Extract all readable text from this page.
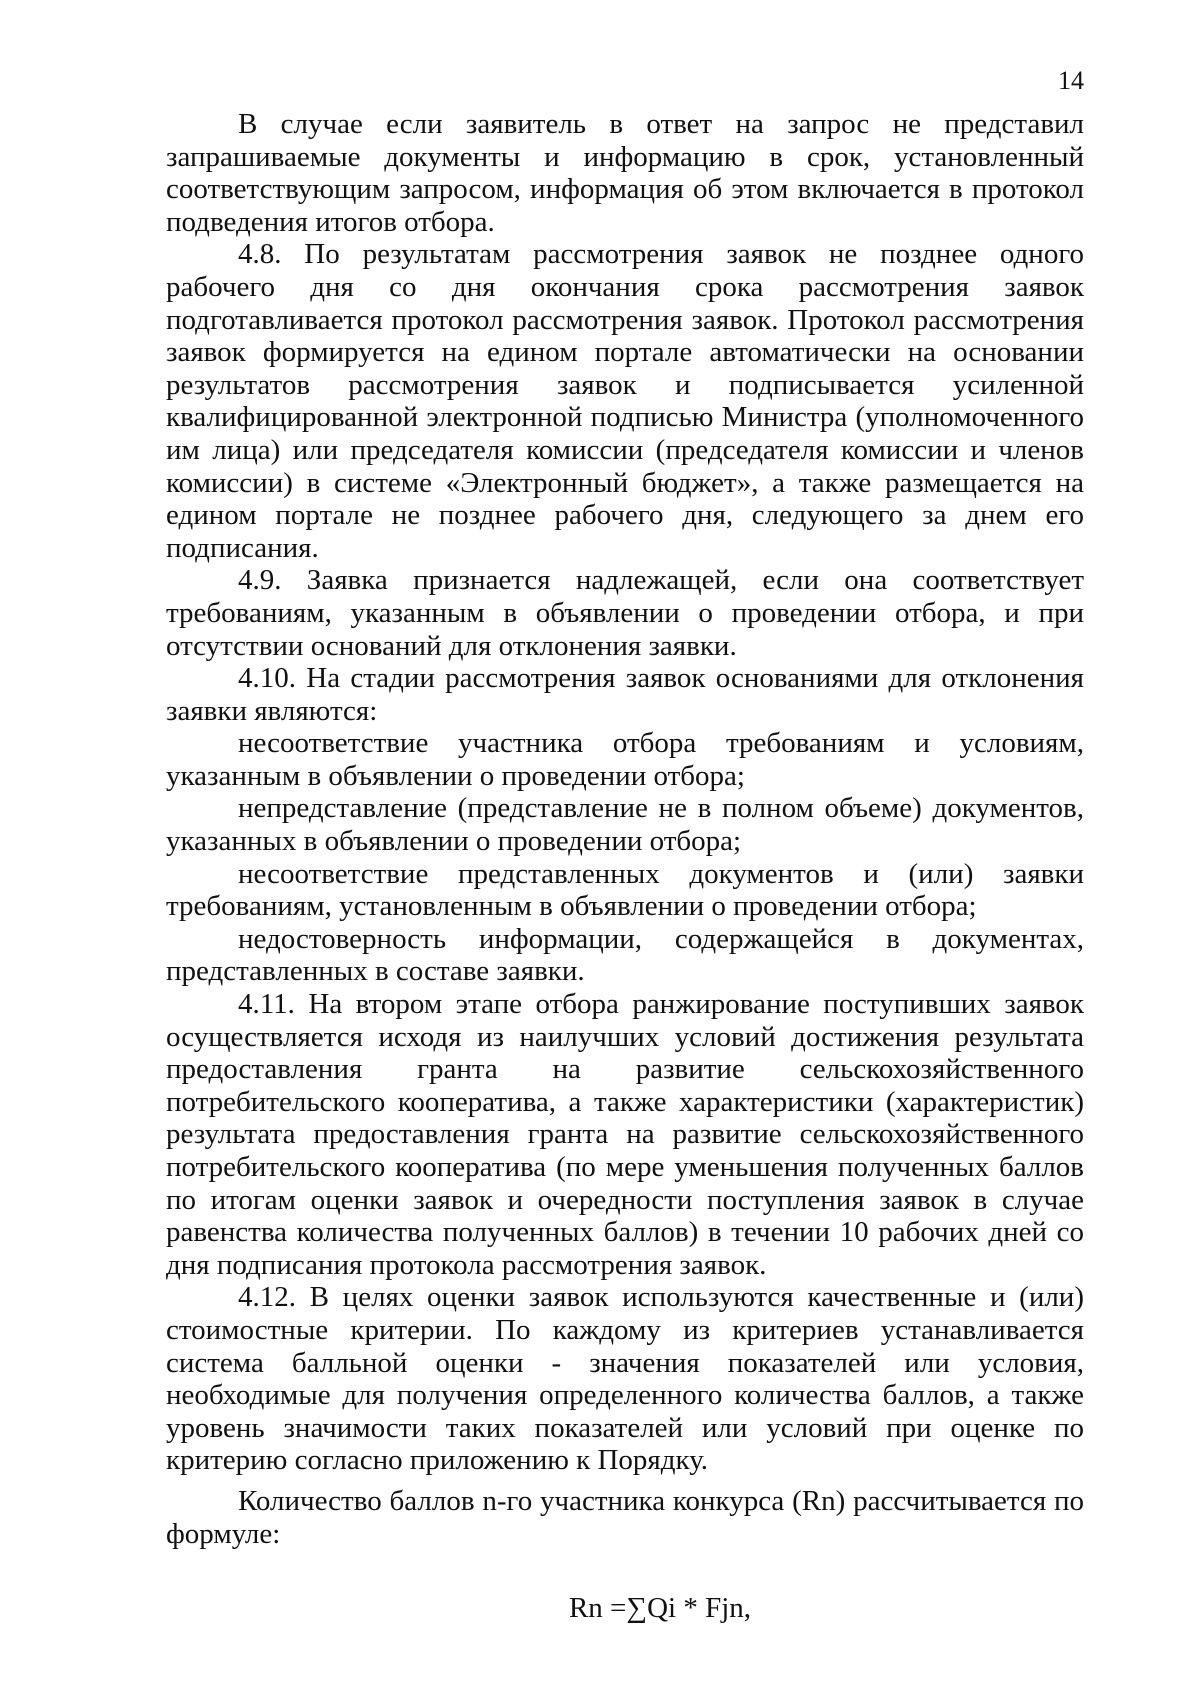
14

В случае если заявитель в ответ на запрос не представил запрашиваемые документы и информацию в срок, установленный соответствующим запросом, информация об этом включается в протокол подведения итогов отбора.

4.8. По результатам рассмотрения заявок не позднее одного рабочего дня со дня окончания срока рассмотрения заявок подготавливается протокол рассмотрения заявок. Протокол рассмотрения заявок формируется на едином портале автоматически на основании результатов рассмотрения заявок и подписывается усиленной квалифицированной электронной подписью Министра (уполномоченного им лица) или председателя комиссии (председателя комиссии и членов комиссии) в системе «Электронный бюджет», а также размещается на едином портале не позднее рабочего дня, следующего за днем его подписания.

4.9. Заявка признается надлежащей, если она соответствует требованиям, указанным в объявлении о проведении отбора, и при отсутствии оснований для отклонения заявки.

4.10. На стадии рассмотрения заявок основаниями для отклонения заявки являются:

несоответствие участника отбора требованиям и условиям, указанным в объявлении о проведении отбора;

непредставление (представление не в полном объеме) документов, указанных в объявлении о проведении отбора;

несоответствие представленных документов и (или) заявки требованиям, установленным в объявлении о проведении отбора;

недостоверность информации, содержащейся в документах, представленных в составе заявки.

4.11. На втором этапе отбора ранжирование поступивших заявок осуществляется исходя из наилучших условий достижения результата предоставления гранта на развитие сельскохозяйственного потребительского кооператива, а также характеристики (характеристик) результата предоставления гранта на развитие сельскохозяйственного потребительского кооператива (по мере уменьшения полученных баллов по итогам оценки заявок и очередности поступления заявок в случае равенства количества полученных баллов) в течении 10 рабочих дней со дня подписания протокола рассмотрения заявок.

4.12. В целях оценки заявок используются качественные и (или) стоимостные критерии. По каждому из критериев устанавливается система балльной оценки - значения показателей или условия, необходимые для получения определенного количества баллов, а также уровень значимости таких показателей или условий при оценке по критерию согласно приложению к Порядку.

Количество баллов n-го участника конкурса (Rn) рассчитывается по формуле:

Rn =∑Qi * Fjn,
